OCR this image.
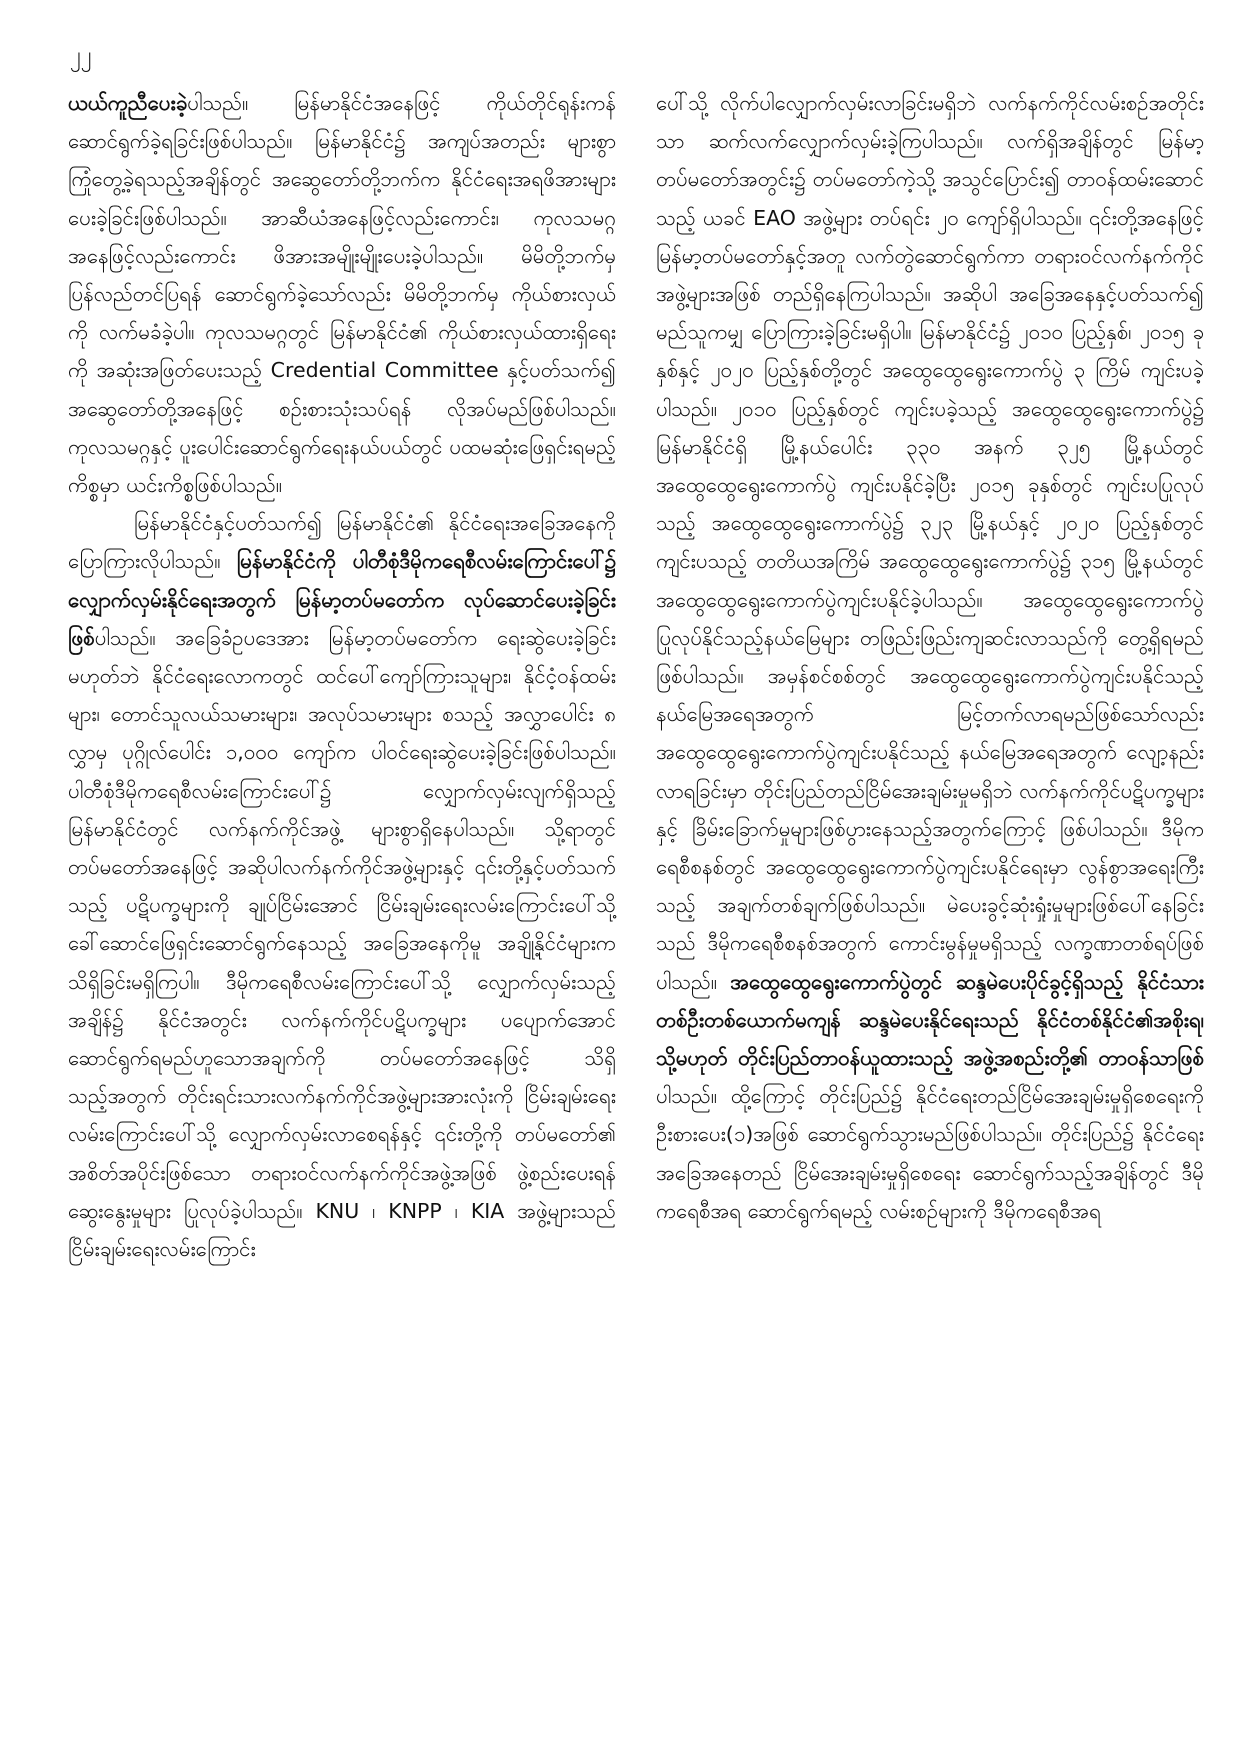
၂၂

ယယ်ကူညီပေးခဲ့ပါသည်။ မြန်မာနိုင်ငံအနေဖြင့် ကိုယ်တိုင်ရုန်းကန်ဆောင်ရွက်ခဲ့ရခြင်းဖြစ်ပါသည်။ မြန်မာနိုင်ငံ၌ အကျပ်အတည်း များစွာကြုံတွေ့ခဲ့ရသည့်အချိန်တွင် အဆွေတော်တို့ဘက်က နိုင်ငံရေးအရဖိအားများ ပေးခဲ့ခြင်းဖြစ်ပါသည်။ အာဆီယံအနေဖြင့်လည်းကောင်း၊ ကုလသမဂ္ဂအနေဖြင့်လည်းကောင်း ဖိအားအမျိုးမျိုးပေးခဲ့ပါသည်။ မိမိတို့ဘက်မှ ပြန်လည်တင်ပြရန် ဆောင်ရွက်ခဲ့သော်လည်း မိမိတို့ဘက်မှ ကိုယ်စားလှယ်ကို လက်မခံခဲ့ပါ။ ကုလသမဂ္ဂတွင် မြန်မာနိုင်ငံ၏ ကိုယ်စားလှယ်ထားရှိရေးကို အဆုံးအဖြတ်ပေးသည့် Credential Committee နှင့်ပတ်သက်၍ အဆွေတော်တို့အနေဖြင့် စဉ်းစားသုံးသပ်ရန် လိုအပ်မည်ဖြစ်ပါသည်။ ကုလသမဂ္ဂနှင့် ပူးပေါင်းဆောင်ရွက်ရေးနယ်ပယ်တွင် ပထမဆုံးဖြေရှင်းရမည့် ကိစ္စမှာ ယင်းကိစ္စဖြစ်ပါသည်။

မြန်မာနိုင်ငံနှင့်ပတ်သက်၍ မြန်မာနိုင်ငံ၏ နိုင်ငံရေးအခြေအနေကို ပြောကြားလိုပါသည်။ မြန်မာနိုင်ငံကို ပါတီစုံဒီမိုကရေစီလမ်းကြောင်းပေါ်၌ လျှောက်လှမ်းနိုင်ရေးအတွက် မြန်မာ့တပ်မတော်က လုပ်ဆောင်ပေးခဲ့ခြင်းဖြစ်ပါသည်။ အခြေခံဥပဒေအား မြန်မာ့တပ်မတော်က ရေးဆွဲပေးခဲ့ခြင်းမဟုတ်ဘဲ နိုင်ငံရေးလောကတွင် ထင်ပေါ်ကျော်ကြားသူများ၊ နိုင်ငံ့ဝန်ထမ်းများ၊ တောင်သူလယ်သမားများ၊ အလုပ်သမားများ စသည့် အလွှာပေါင်း ၈ လွှာမှ ပုဂ္ဂိုလ်ပေါင်း ၁,၀၀၀ ကျော်က ပါဝင်ရေးဆွဲပေးခဲ့ခြင်းဖြစ်ပါသည်။ ပါတီစုံဒီမိုကရေစီလမ်းကြောင်းပေါ်၌ လျှောက်လှမ်းလျက်ရှိသည့် မြန်မာနိုင်ငံတွင် လက်နက်ကိုင်အဖွဲ့ များစွာရှိနေပါသည်။ သို့ရာတွင် တပ်မတော်အနေဖြင့် အဆိုပါလက်နက်ကိုင်အဖွဲ့များနှင့် ၎င်းတို့နှင့်ပတ်သက်သည့် ပဋိပက္ခများကို ချုပ်ငြိမ်းအောင် ငြိမ်းချမ်းရေးလမ်းကြောင်းပေါ်သို့ ခေါ်ဆောင်ဖြေရှင်းဆောင်ရွက်နေသည့် အခြေအနေကိုမူ အချို့နိုင်ငံများက သိရှိခြင်းမရှိကြပါ။ ဒီမိုကရေစီလမ်းကြောင်းပေါ်သို့ လျှောက်လှမ်းသည့်အချိန်၌ နိုင်ငံအတွင်း လက်နက်ကိုင်ပဋိပက္ခများ ပပျောက်အောင် ဆောင်ရွက်ရမည်ဟူသောအချက်ကို တပ်မတော်အနေဖြင့် သိရှိသည့်အတွက် တိုင်းရင်းသားလက်နက်ကိုင်အဖွဲ့များအားလုံးကို ငြိမ်းချမ်းရေးလမ်းကြောင်းပေါ်သို့ လျှောက်လှမ်းလာစေရန်နှင့် ၎င်းတို့ကို တပ်မတော်၏ အစိတ်အပိုင်းဖြစ်သော တရားဝင်လက်နက်ကိုင်အဖွဲ့အဖြစ် ဖွဲ့စည်းပေးရန် ဆွေးနွေးမှုများ ပြုလုပ်ခဲ့ပါသည်။ KNU ၊ KNPP ၊ KIA အဖွဲ့များသည် ငြိမ်းချမ်းရေးလမ်းကြောင်း

ပေါ်သို့ လိုက်ပါလျှောက်လှမ်းလာခြင်းမရှိဘဲ လက်နက်ကိုင်လမ်းစဉ်အတိုင်းသာ ဆက်လက်လျှောက်လှမ်းခဲ့ကြပါသည်။ လက်ရှိအချိန်တွင် မြန်မာ့တပ်မတော်အတွင်း၌ တပ်မတော်ကဲ့သို့ အသွင်ပြောင်း၍ တာဝန်ထမ်းဆောင်သည့် ယခင် EAO အဖွဲ့များ တပ်ရင်း ၂၀ ကျော်ရှိပါသည်။ ၎င်းတို့အနေဖြင့် မြန်မာ့တပ်မတော်နှင့်အတူ လက်တွဲဆောင်ရွက်ကာ တရားဝင်လက်နက်ကိုင်အဖွဲ့များအဖြစ် တည်ရှိနေကြပါသည်။ အဆိုပါ အခြေအနေနှင့်ပတ်သက်၍ မည်သူကမျှ ပြောကြားခဲ့ခြင်းမရှိပါ။ မြန်မာနိုင်ငံ၌ ၂၀၁၀ ပြည့်နှစ်၊ ၂၀၁၅ ခုနှစ်နှင့် ၂၀၂၀ ပြည့်နှစ်တို့တွင် အထွေထွေရွေးကောက်ပွဲ ၃ ကြိမ် ကျင်းပခဲ့ပါသည်။ ၂၀၁၀ ပြည့်နှစ်တွင် ကျင်းပခဲ့သည့် အထွေထွေရွေးကောက်ပွဲ၌ မြန်မာနိုင်ငံရှိ မြို့နယ်ပေါင်း ၃၃၀ အနက် ၃၂၅ မြို့နယ်တွင် အထွေထွေရွေးကောက်ပွဲ ကျင်းပနိုင်ခဲ့ပြီး ၂၀၁၅ ခုနှစ်တွင် ကျင်းပပြုလုပ်သည့် အထွေထွေရွေးကောက်ပွဲ၌ ၃၂၃ မြို့နယ်နှင့် ၂၀၂၀ ပြည့်နှစ်တွင်ကျင်းပသည့် တတိယအကြိမ် အထွေထွေရွေးကောက်ပွဲ၌ ၃၁၅ မြို့နယ်တွင် အထွေထွေရွေးကောက်ပွဲကျင်းပနိုင်ခဲ့ပါသည်။ အထွေထွေရွေးကောက်ပွဲ ပြုလုပ်နိုင်သည့်နယ်မြေများ တဖြည်းဖြည်းကျဆင်းလာသည်ကို တွေ့ရှိရမည်ဖြစ်ပါသည်။ အမှန်စင်စစ်တွင် အထွေထွေရွေးကောက်ပွဲကျင်းပနိုင်သည့် နယ်မြေအရေအတွက် မြင့်တက်လာရမည်ဖြစ်သော်လည်း အထွေထွေရွေးကောက်ပွဲကျင်းပနိုင်သည့် နယ်မြေအရေအတွက် လျော့နည်းလာရခြင်းမှာ တိုင်းပြည်တည်ငြိမ်အေးချမ်းမှုမရှိဘဲ လက်နက်ကိုင်ပဋိပက္ခများနှင့် ခြိမ်းခြောက်မှုများဖြစ်ပွားနေသည့်အတွက်ကြောင့် ဖြစ်ပါသည်။ ဒီမိုကရေစီစနစ်တွင် အထွေထွေရွေးကောက်ပွဲကျင်းပနိုင်ရေးမှာ လွန်စွာအရေးကြီးသည့် အချက်တစ်ချက်ဖြစ်ပါသည်။ မဲပေးခွင့်ဆုံးရှုံးမှုများဖြစ်ပေါ်နေခြင်းသည် ဒီမိုကရေစီစနစ်အတွက် ကောင်းမွန်မှုမရှိသည့် လက္ခဏာတစ်ရပ်ဖြစ်ပါသည်။ အထွေထွေရွေးကောက်ပွဲတွင် ဆန္ဒမဲပေးပိုင်ခွင့်ရှိသည့် နိုင်ငံသားတစ်ဦးတစ်ယောက်မကျန် ဆန္ဒမဲပေးနိုင်ရေးသည် နိုင်ငံတစ်နိုင်ငံ၏အစိုးရ၊ သို့မဟုတ် တိုင်းပြည်တာဝန်ယူထားသည့် အဖွဲ့အစည်းတို့၏ တာဝန်သာဖြစ်ပါသည်။ ထို့ကြောင့် တိုင်းပြည်၌ နိုင်ငံရေးတည်ငြိမ်အေးချမ်းမှုရှိစေရေးကို ဦးစားပေး(၁)အဖြစ် ဆောင်ရွက်သွားမည်ဖြစ်ပါသည်။ တိုင်းပြည်၌ နိုင်ငံရေးအခြေအနေတည် ငြိမ်အေးချမ်းမှုရှိစေရေး ဆောင်ရွက်သည့်အချိန်တွင် ဒီမိုကရေစီအရ ဆောင်ရွက်ရမည့် လမ်းစဉ်များကို ဒီမိုကရေစီအရ
